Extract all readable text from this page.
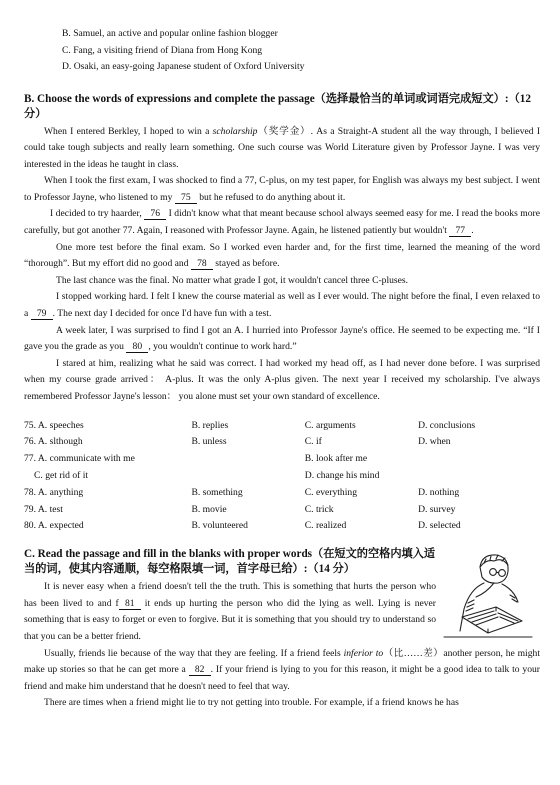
B. Samuel, an active and popular online fashion blogger
C. Fang, a visiting friend of Diana from Hong Kong
D. Osaki, an easy-going Japanese student of Oxford University
B. Choose the words of expressions and complete the passage（选择最恰当的单词或词语完成短文）:（12 分）

When I entered Berkley, I hoped to win a scholarship（奖学金）. As a Straight-A student all the way through, I believed I could take tough subjects and really learn something. One such course was World Literature given by Professor Jayne. I was very interested in the ideas he taught in class.

When I took the first exam, I was shocked to find a 77, C-plus, on my test paper, for English was always my best subject. I went to Professor Jayne, who listened to my 75 but he refused to do anything about it.

I decided to try haarder, 76 I didn't know what that meant because school always seemed easy for me. I read the books more carefully, but got another 77. Again, I reasoned with Professor Jayne. Again, he listened patiently but wouldn't 77 .

One more test before the final exam. So I worked even harder and, for the first time, learned the meaning of the word “thorough”. But my effort did no good and 78 stayed as before.

The last chance was the final. No matter what grade I got, it wouldn't cancel three C-pluses.

I stopped working hard. I felt I knew the course material as well as I ever would. The night before the final, I even relaxed to a 79 . The next day I decided for once I'd have fun with a test.

A week later, I was surprised to find I got an A. I hurried into Professor Jayne's office. He seemed to be expecting me. “If I gave you the grade as you 80 , you wouldn't continue to work hard.”

I stared at him, realizing what he said was correct. I had worked my head off, as I had never done before. I was surprised when my course grade arrived： A-plus. It was the only A-plus given. The next year I received my scholarship. I've always remembered Professor Jayne's lesson： you alone must set your own standard of excellence.

75. A. speeches	B. replies	C. arguments	D. conclusions
76. A. slthough	B. unless	C. if	D. when
77. A. communicate with me		B. look after me	
C. get rid of it		D. change his mind	
78. A. anything	B. something	C. everything	D. nothing
79. A. test	B. movie	C. trick	D. survey
80. A. expected	B. volunteered	C. realized	D. selected
C. Read the passage and fill in the blanks with proper words（在短文的空格内填入适当的词，使其内容通顺，每空格限填一词，首字母已给）:（14 分）

It is never easy when a friend doesn't tell the the truth. This is something that hurts the person who has been lived to and f 81 it ends up hurting the person who did the lying as well. Lying is never something that is easy to forget or even to forgive. But it is something that you should try to understand so that you can be a better friend.

Usually, friends lie because of the way that they are feeling. If a friend feels inferior to（比……差）another person, he might make up stories so that he can get more a 82 . If your friend is lying to you for this reason, it might be a good idea to talk to your friend and make him understand that he doesn't need to feel that way.

There are times when a friend might lie to try not getting into trouble. For example, if a friend knows he has
